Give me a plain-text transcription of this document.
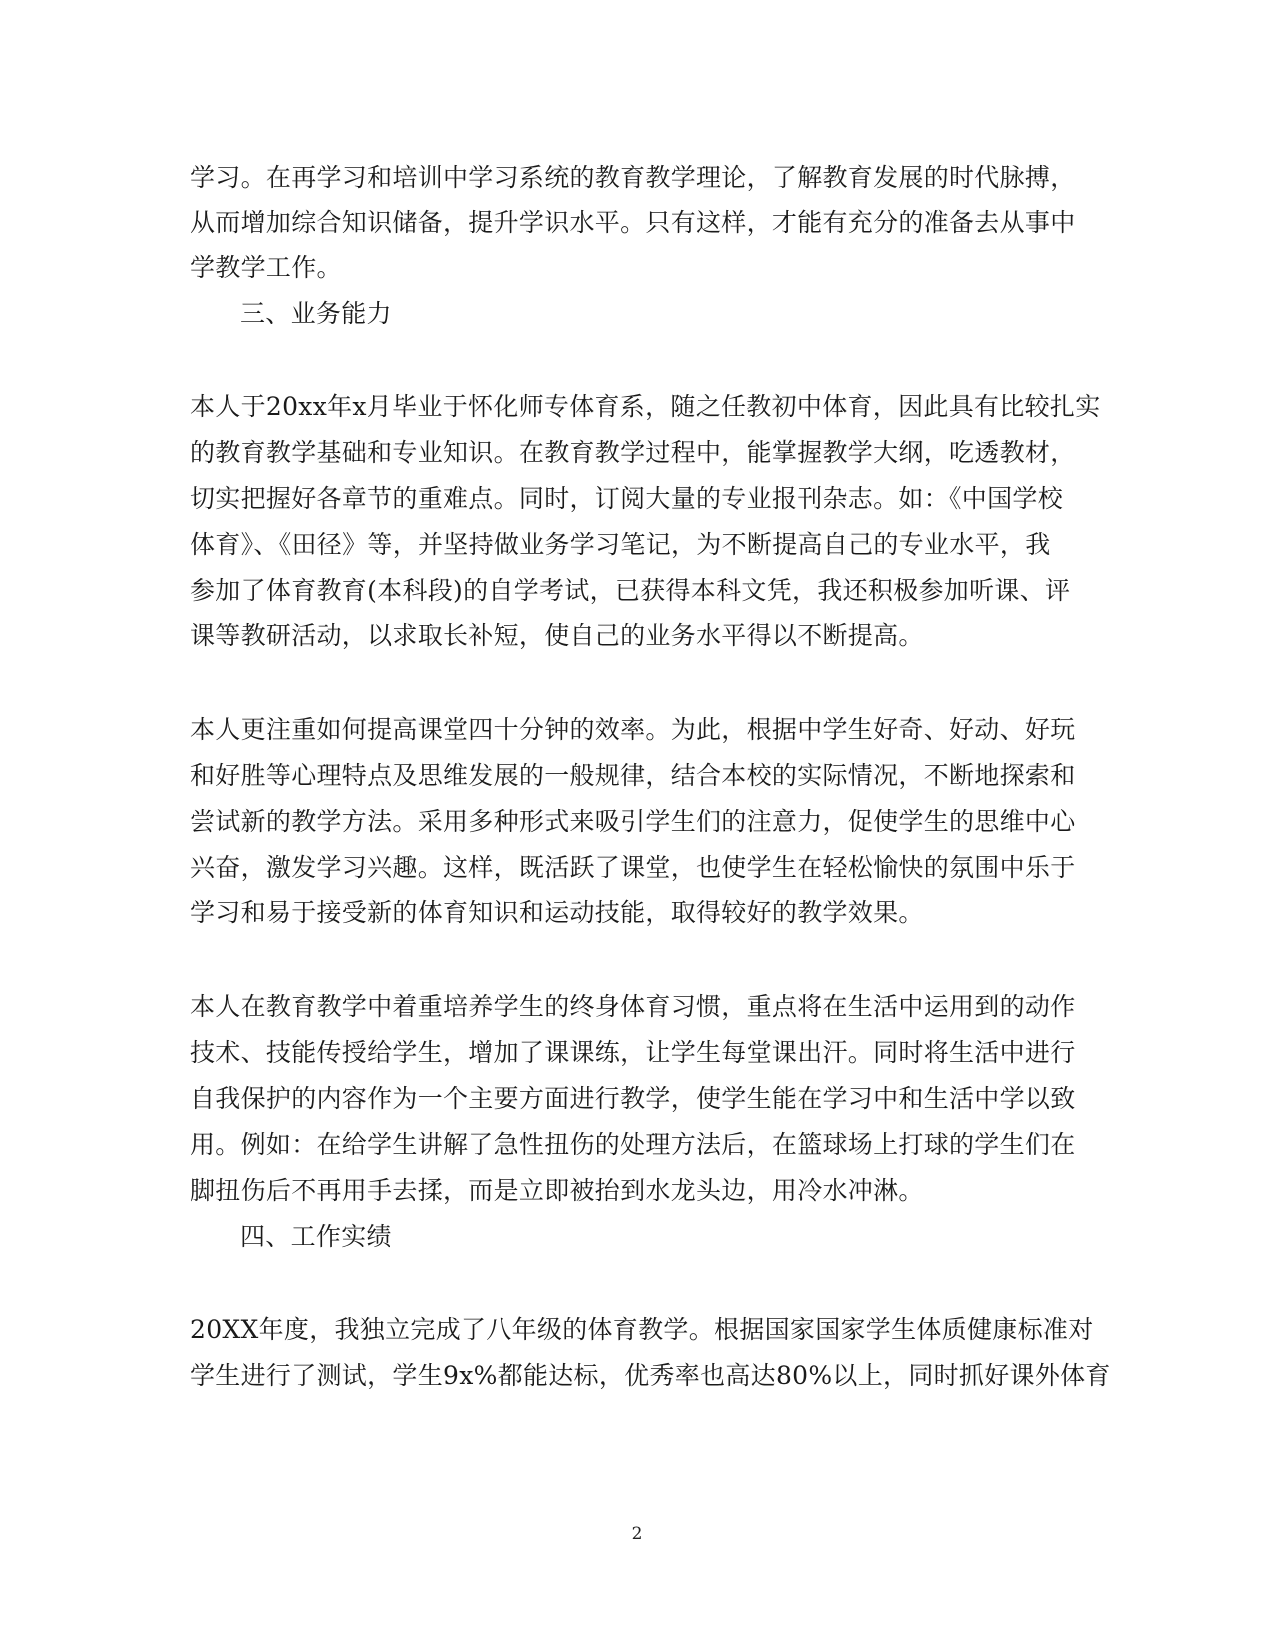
学习。在再学习和培训中学习系统的教育教学理论，了解教育发展的时代脉搏，
从而增加综合知识储备，提升学识水平。只有这样，才能有充分的准备去从事中
学教学工作。
三、业务能力
本人于20xx年x月毕业于怀化师专体育系，随之任教初中体育，因此具有比较扎实
的教育教学基础和专业知识。在教育教学过程中，能掌握教学大纲，吃透教材，
切实把握好各章节的重难点。同时，订阅大量的专业报刊杂志。如：《中国学校
体育》、《田径》等，并坚持做业务学习笔记，为不断提高自己的专业水平，我
参加了体育教育(本科段)的自学考试，已获得本科文凭，我还积极参加听课、评
课等教研活动，以求取长补短，使自己的业务水平得以不断提高。
本人更注重如何提高课堂四十分钟的效率。为此，根据中学生好奇、好动、好玩
和好胜等心理特点及思维发展的一般规律，结合本校的实际情况，不断地探索和
尝试新的教学方法。采用多种形式来吸引学生们的注意力，促使学生的思维中心
兴奋，激发学习兴趣。这样，既活跃了课堂，也使学生在轻松愉快的氛围中乐于
学习和易于接受新的体育知识和运动技能，取得较好的教学效果。
本人在教育教学中着重培养学生的终身体育习惯，重点将在生活中运用到的动作
技术、技能传授给学生，增加了课课练，让学生每堂课出汗。同时将生活中进行
自我保护的内容作为一个主要方面进行教学，使学生能在学习中和生活中学以致
用。例如：在给学生讲解了急性扭伤的处理方法后，在篮球场上打球的学生们在
脚扭伤后不再用手去揉，而是立即被抬到水龙头边，用冷水冲淋。
四、工作实绩
20XX年度，我独立完成了八年级的体育教学。根据国家国家学生体质健康标准对
学生进行了测试，学生9x%都能达标，优秀率也高达80%以上，同时抓好课外体育
2
